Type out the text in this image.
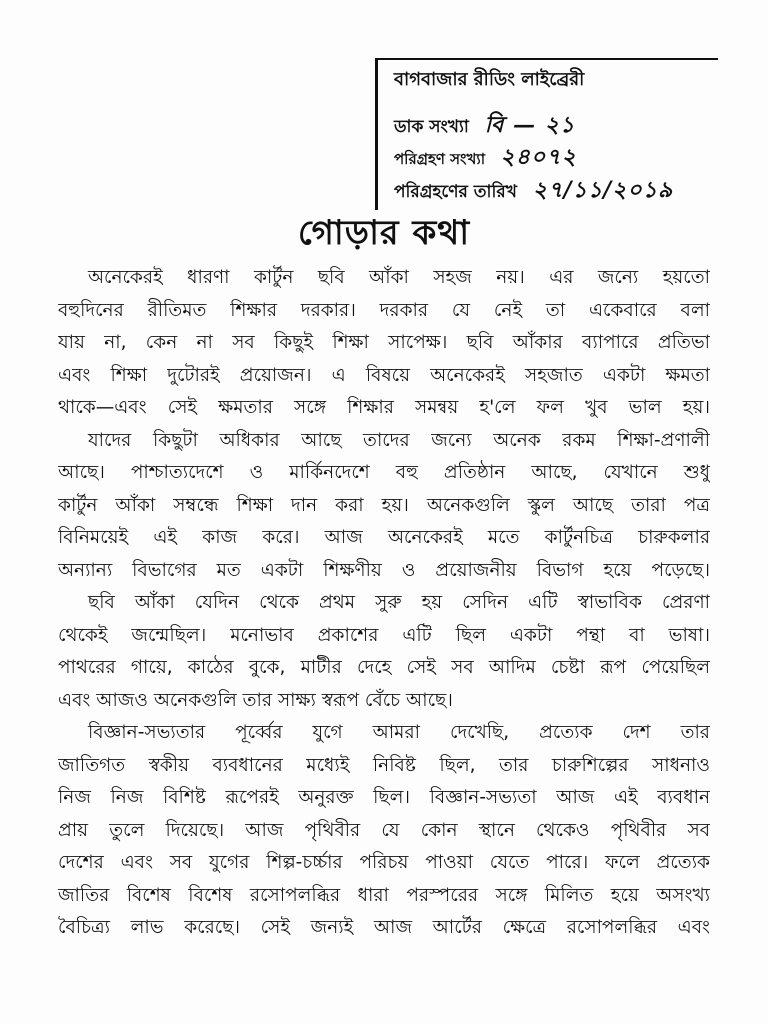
বাগবাজার রীডিং লাইব্রেরী
ডাক সংখ্যা বি — ২১
পরিগ্রহণ সংখ্যা ২৪০৭২
পরিগ্রহণের তারিখ ২৭/১১/২০১৯
গোড়ার কথা
অনেকেরই ধারণা কার্টুন ছবি আঁকা সহজ নয়। এর জন্যে হয়তো
বহুদিনের রীতিমত শিক্ষার দরকার। দরকার যে নেই তা একেবারে বলা
যায় না, কেন না সব কিছুই শিক্ষা সাপেক্ষ। ছবি আঁকার ব্যাপারে প্রতিভা
এবং শিক্ষা দুটোরই প্রয়োজন। এ বিষয়ে অনেকেরই সহজাত একটা ক্ষমতা
থাকে—এবং সেই ক্ষমতার সঙ্গে শিক্ষার সমন্বয় হ'লে ফল খুব ভাল হয়।
যাদের কিছুটা অধিকার আছে তাদের জন্যে অনেক রকম শিক্ষা-প্রণালী
আছে। পাশ্চাত্যদেশে ও মার্কিনদেশে বহু প্রতিষ্ঠান আছে, যেখানে শুধু
কার্টুন আঁকা সম্বন্ধে শিক্ষা দান করা হয়। অনেকগুলি স্কুল আছে তারা পত্র
বিনিময়েই এই কাজ করে। আজ অনেকেরই মতে কার্টুনচিত্র চারুকলার
অন্যান্য বিভাগের মত একটা শিক্ষণীয় ও প্রয়োজনীয় বিভাগ হয়ে পড়েছে।
ছবি আঁকা যেদিন থেকে প্রথম সুরু হয় সেদিন এটি স্বাভাবিক প্রেরণা
থেকেই জন্মেছিল। মনোভাব প্রকাশের এটি ছিল একটা পন্থা বা ভাষা।
পাথরের গায়ে, কাঠের বুকে, মাটীর দেহে সেই সব আদিম চেষ্টা রূপ পেয়েছিল
এবং আজও অনেকগুলি তার সাক্ষ্য স্বরূপ বেঁচে আছে।
বিজ্ঞান-সভ্যতার পূর্ব্বের যুগে আমরা দেখেছি, প্রত্যেক দেশ তার
জাতিগত স্বকীয় ব্যবধানের মধ্যেই নিবিষ্ট ছিল, তার চারুশিল্পের সাধনাও
নিজ নিজ বিশিষ্ট রূপেরই অনুরক্ত ছিল। বিজ্ঞান-সভ্যতা আজ এই ব্যবধান
প্রায় তুলে দিয়েছে। আজ পৃথিবীর যে কোন স্থানে থেকেও পৃথিবীর সব
দেশের এবং সব যুগের শিল্প-চর্চ্চার পরিচয় পাওয়া যেতে পারে। ফলে প্রত্যেক
জাতির বিশেষ বিশেষ রসোপলব্ধির ধারা পরস্পরের সঙ্গে মিলিত হয়ে অসংখ্য
বৈচিত্র্য লাভ করেছে। সেই জন্যই আজ আর্টের ক্ষেত্রে রসোপলব্ধির এবং
